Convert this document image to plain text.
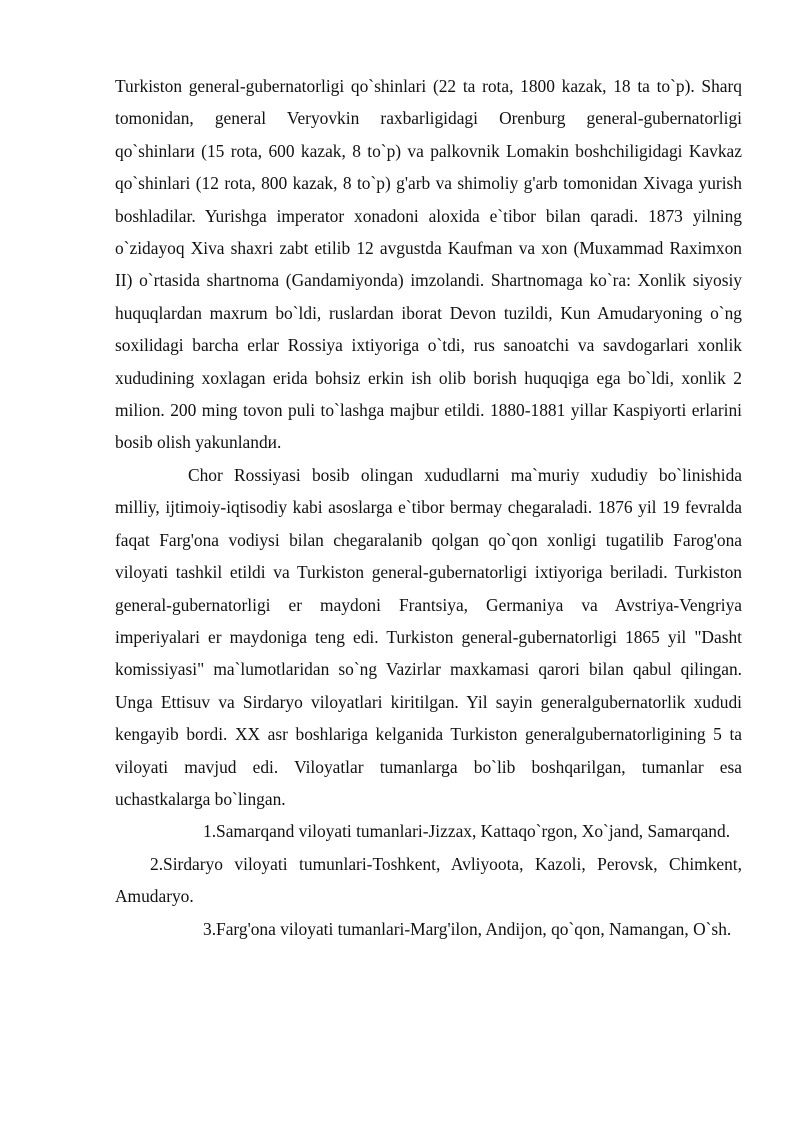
Turkiston general-gubernatorligi qo`shinlari (22 ta rota, 1800 kazak, 18 ta to`p). Sharq tomonidan, general Veryovkin raxbarligidagi Orenburg general-gubernatorligi qo`shinlarи (15 rota, 600 kazak, 8 to`p) va palkovnik Lomakin boshchiligidagi Kavkaz qo`shinlari (12 rota, 800 kazak, 8 to`p) g'arb va shimoliy g'arb tomonidan Xivaga yurish boshladilar. Yurishga imperator xonadoni aloxida e`tibor bilan qaradi. 1873 yilning o`zidayoq Xiva shaxri zabt etilib 12 avgustda Kaufman va xon (Muxammad Raximxon II) o`rtasida shartnoma (Gandamiyonda) imzolandi. Shartnomaga ko`ra: Xonlik siyosiy huquqlardan maxrum bo`ldi, ruslardan iborat Devon tuzildi, Kun Amudaryoning o`ng soxilidagi barcha erlar Rossiya ixtiyoriga o`tdi, rus sanoatchi va savdogarlari xonlik xududining xoxlagan erida bohsiz erkin ish olib borish huquqiga ega bo`ldi, xonlik 2 milion. 200 ming tovon puli to`lashga majbur etildi. 1880-1881 yillar Kaspiyorti erlarini bosib olish yakunlandи.

Chor Rossiyasi bosib olingan xududlarni ma`muriy xududiy bo`linishida milliy, ijtimoiy-iqtisodiy kabi asoslarga e`tibor bermay chegaraladi. 1876 yil 19 fevralda faqat Farg'ona vodiysi bilan chegaralanib qolgan qo`qon xonligi tugatilib Farog'ona viloyati tashkil etildi va Turkiston general-gubernatorligi ixtiyoriga beriladi. Turkiston general-gubernatorligi er maydoni Frantsiya, Germaniya va Avstriya-Vengriya imperiyalari er maydoniga teng edi. Turkiston general-gubernatorligi 1865 yil "Dasht komissiyasi" ma`lumotlaridan so`ng Vazirlar maxkamasi qarori bilan qabul qilingan. Unga Ettisuv va Sirdaryo viloyatlari kiritilgan. Yil sayin generalgubernatorlik xududi kengayib bordi. XX asr boshlariga kelganida Turkiston generalgubernatorligining 5 ta viloyati mavjud edi. Viloyatlar tumanlarga bo`lib boshqarilgan, tumanlar esa uchastkalarga bo`lingan.

1.Samarqand viloyati tumanlari-Jizzax, Kattaqo`rgon, Xo`jand, Samarqand.

2.Sirdaryo viloyati tumunlari-Toshkent, Avliyoota, Kazoli, Perovsk, Chimkent, Amudaryo.

3.Farg'ona viloyati tumanlari-Marg'ilon, Andijon, qo`qon, Namangan, O`sh.
